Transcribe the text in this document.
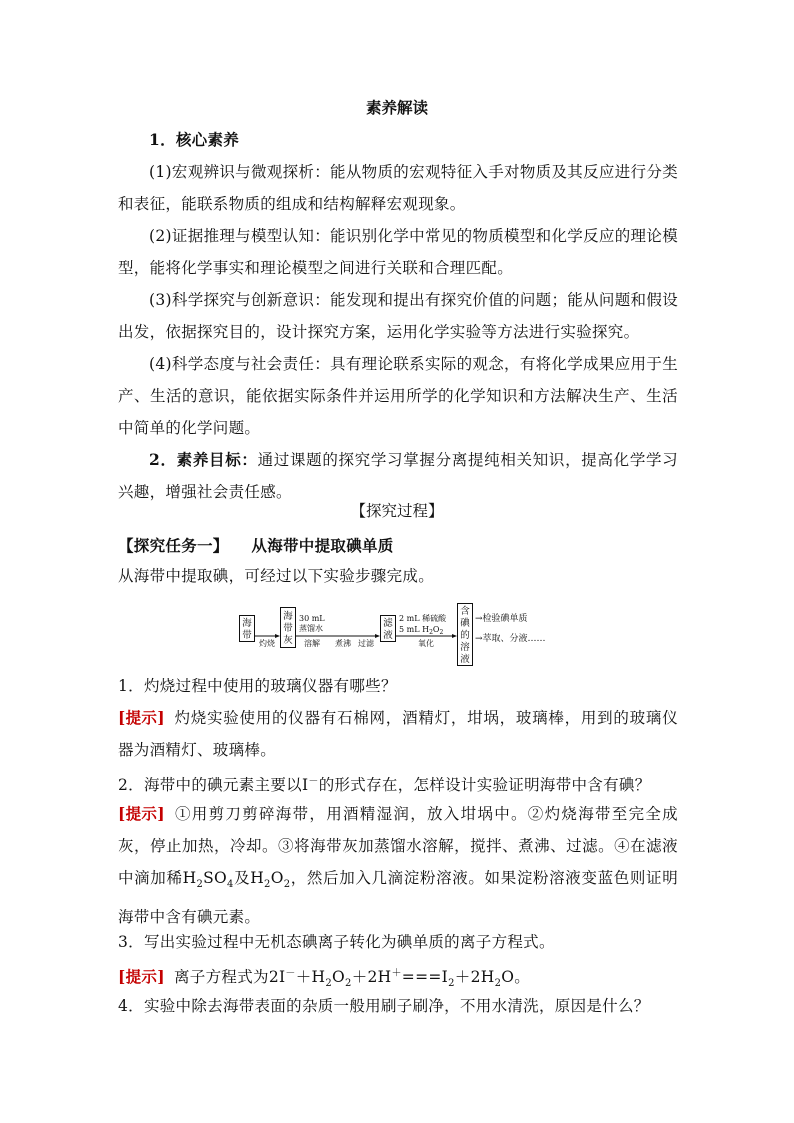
素养解读

1．核心素养

(1)宏观辨识与微观探析：能从物质的宏观特征入手对物质及其反应进行分类和表征，能联系物质的组成和结构解释宏观现象。

(2)证据推理与模型认知：能识别化学中常见的物质模型和化学反应的理论模型，能将化学事实和理论模型之间进行关联和合理匹配。

(3)科学探究与创新意识：能发现和提出有探究价值的问题；能从问题和假设出发，依据探究目的，设计探究方案，运用化学实验等方法进行实验探究。

(4)科学态度与社会责任：具有理论联系实际的观念，有将化学成果应用于生产、生活的意识，能依据实际条件并运用所学的化学知识和方法解决生产、生活中简单的化学问题。

2．素养目标：通过课题的探究学习掌握分离提纯相关知识，提高化学学习兴趣，增强社会责任感。

【探究过程】

【探究任务一】 从海带中提取碘单质

从海带中提取碘，可经过以下实验步骤完成。

海
带
海
带
灰
滤
液
含
碘
的
溶
液
灼烧
30 mL
蒸馏水
溶解 煮沸 过滤
2 mL 稀硫酸
5 mL $H_2O_2$
氧化
→检验碘单质
→萃取、分液……

1．灼烧过程中使用的玻璃仪器有哪些？

[提示] 灼烧实验使用的仪器有石棉网，酒精灯，坩埚，玻璃棒，用到的玻璃仪器为酒精灯、玻璃棒。

2．海带中的碘元素主要以I－的形式存在，怎样设计实验证明海带中含有碘？

[提示] ①用剪刀剪碎海带，用酒精湿润，放入坩埚中。②灼烧海带至完全成灰，停止加热，冷却。③将海带灰加蒸馏水溶解，搅拌、煮沸、过滤。④在滤液中滴加稀$H_2SO_4$及$H_2O_2$，然后加入几滴淀粉溶液。如果淀粉溶液变蓝色则证明海带中含有碘元素。

3．写出实验过程中无机态碘离子转化为碘单质的离子方程式。

[提示] 离子方程式为$2I^-+H_2O_2+2H^+===I_2+2H_2O$。

4．实验中除去海带表面的杂质一般用刷子刷净，不用水清洗，原因是什么？
